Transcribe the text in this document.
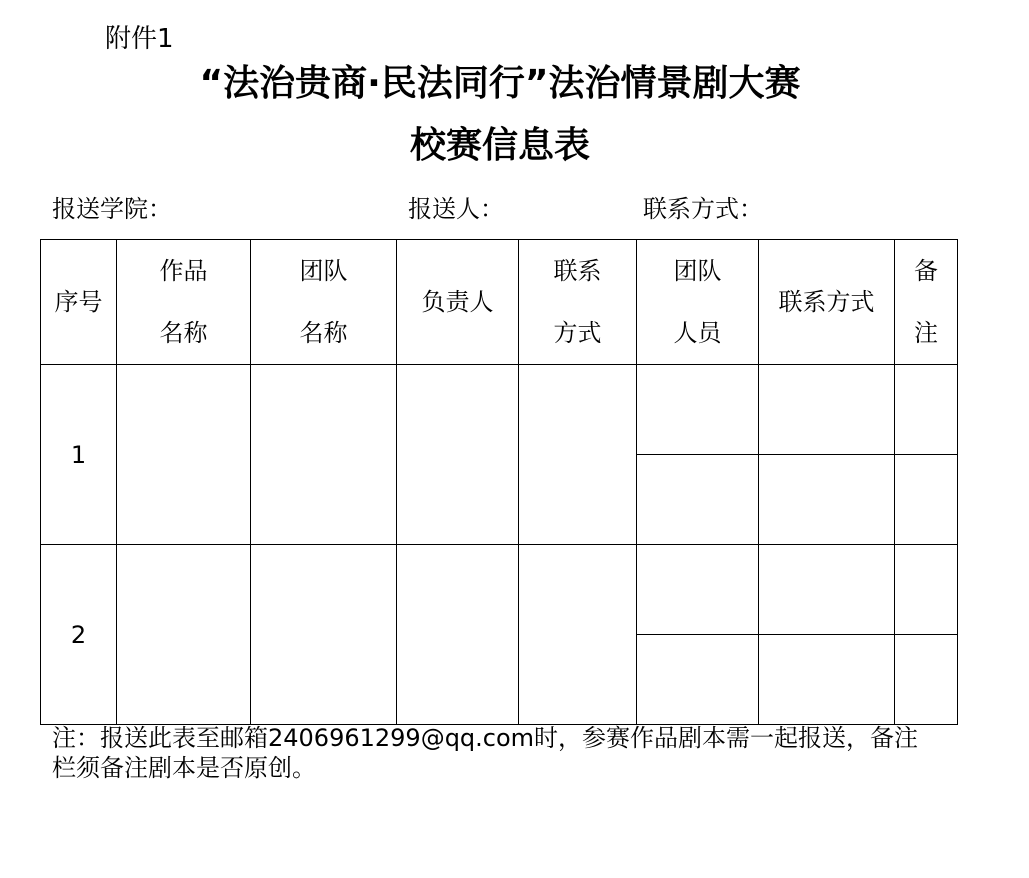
附件1
“法治贵商·民法同行”法治情景剧大赛
校赛信息表
报送学院：	报送人：	联系方式：
序号	作品名称	团队名称	负责人	联系方式	团队人员	联系方式	备注
1							

2							

注：报送此表至邮箱2406961299@qq.com时，参赛作品剧本需一起报送，备注栏须备注剧本是否原创。
